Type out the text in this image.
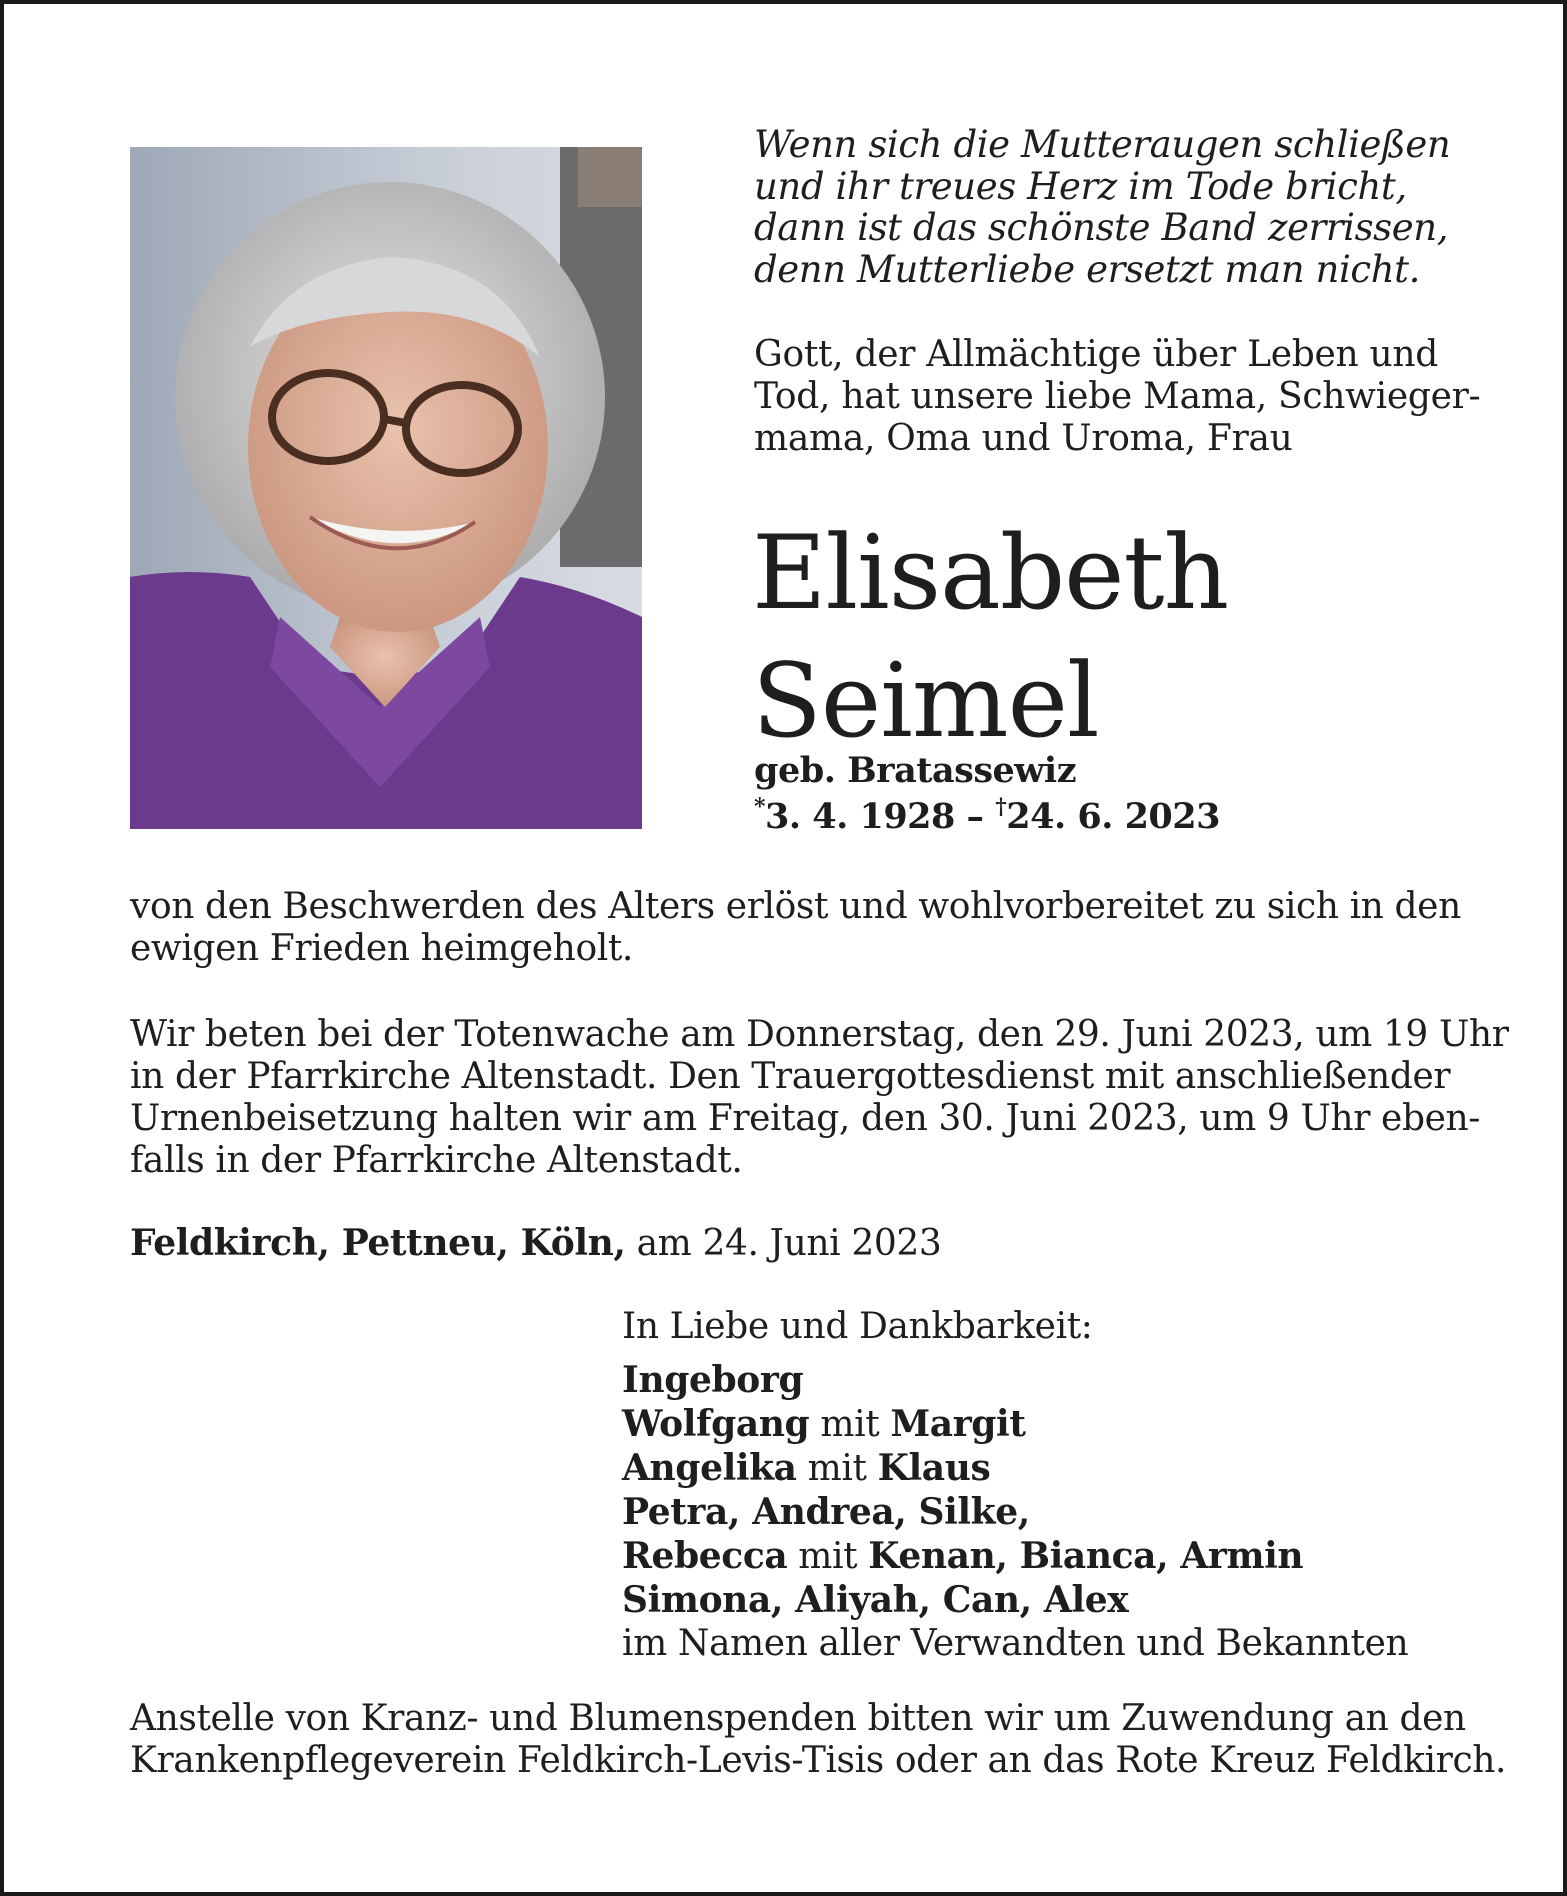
Wenn sich die Mutteraugen schließen
und ihr treues Herz im Tode bricht,
dann ist das schönste Band zerrissen,
denn Mutterliebe ersetzt man nicht.
Gott, der Allmächtige über Leben und
Tod, hat unsere liebe Mama, Schwieger-
mama, Oma und Uroma, Frau
Elisabeth
Seimel
geb. Bratassewiz
*3. 4. 1928 – †24. 6. 2023
von den Beschwerden des Alters erlöst und wohlvorbereitet zu sich in den
ewigen Frieden heimgeholt.
Wir beten bei der Totenwache am Donnerstag, den 29. Juni 2023, um 19 Uhr
in der Pfarrkirche Altenstadt. Den Trauergottesdienst mit anschließender
Urnenbeisetzung halten wir am Freitag, den 30. Juni 2023, um 9 Uhr eben-
falls in der Pfarrkirche Altenstadt.
Feldkirch, Pettneu, Köln, am 24. Juni 2023
In Liebe und Dankbarkeit:
Ingeborg
Wolfgang mit Margit
Angelika mit Klaus
Petra, Andrea, Silke,
Rebecca mit Kenan, Bianca, Armin
Simona, Aliyah, Can, Alex
im Namen aller Verwandten und Bekannten
Anstelle von Kranz- und Blumenspenden bitten wir um Zuwendung an den
Krankenpflegeverein Feldkirch-Levis-Tisis oder an das Rote Kreuz Feldkirch.
